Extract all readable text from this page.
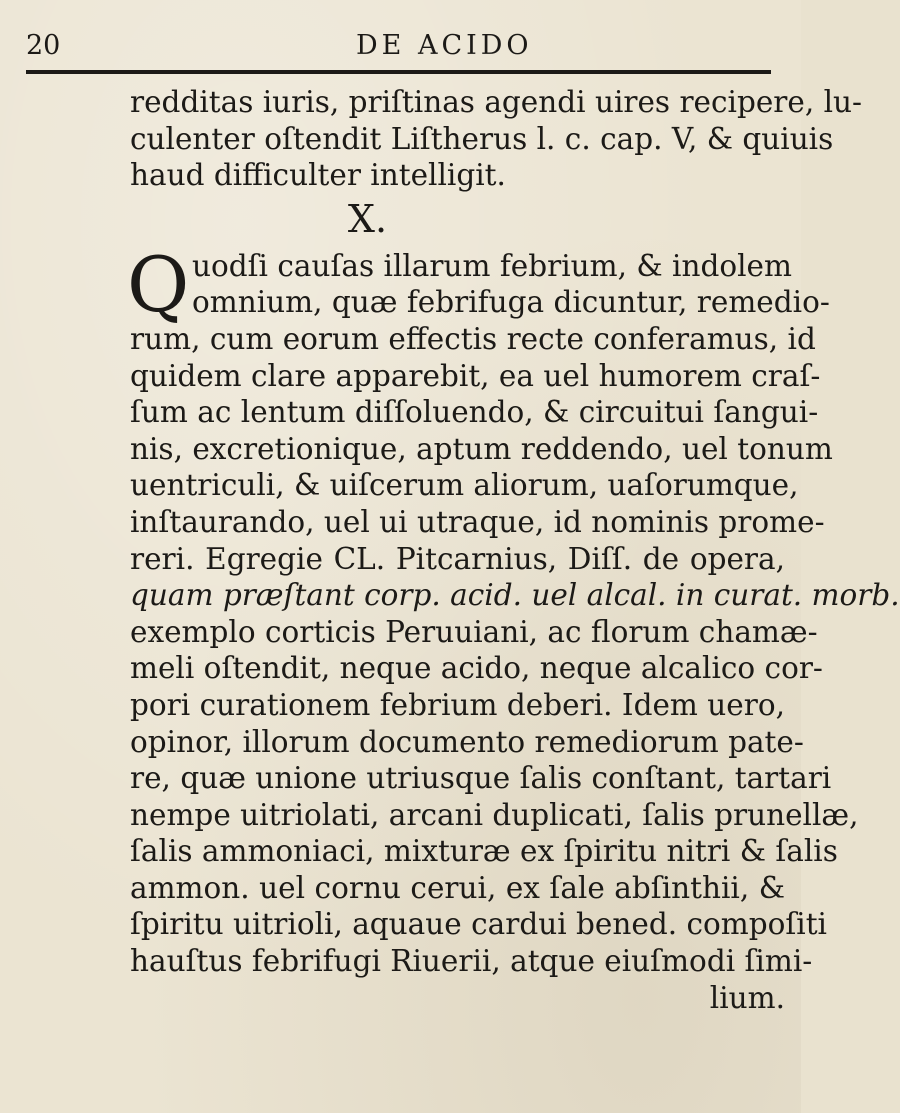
20	DE ACIDO
redditas iuris, priſtinas agendi uires recipere, lu-
culenter oſtendit Liſtherus l. c. cap. V, & quiuis
haud difficulter intelligit.
X.
Q uodſi cauſas illarum febrium, & indolem
omnium, quæ febrifuga dicuntur, remedio-
rum, cum eorum effectis recte conferamus, id
quidem clare apparebit, ea uel humorem craſ-
ſum ac lentum diſſoluendo, & circuitui ſangui-
nis, excretionique, aptum reddendo, uel tonum
uentriculi, & uiſcerum aliorum, uaſorumque,
inſtaurando, uel ui utraque, id nominis prome-
reri. Egregie CL. Pitcarnius, Diſſ. de opera,
quam præſtant corp. acid. uel alcal. in curat. morb.
exemplo corticis Peruuiani, ac florum chamæ-
meli oſtendit, neque acido, neque alcalico cor-
pori curationem febrium deberi. Idem uero,
opinor, illorum documento remediorum pate-
re, quæ unione utriusque ſalis conſtant, tartari
nempe uitriolati, arcani duplicati, ſalis prunellæ,
ſalis ammoniaci, mixturæ ex ſpiritu nitri & ſalis
ammon. uel cornu cerui, ex ſale abſinthii, &
ſpiritu uitrioli, aquaue cardui bened. compoſiti
hauſtus febrifugi Riuerii, atque eiuſmodi ſimi-
lium.
